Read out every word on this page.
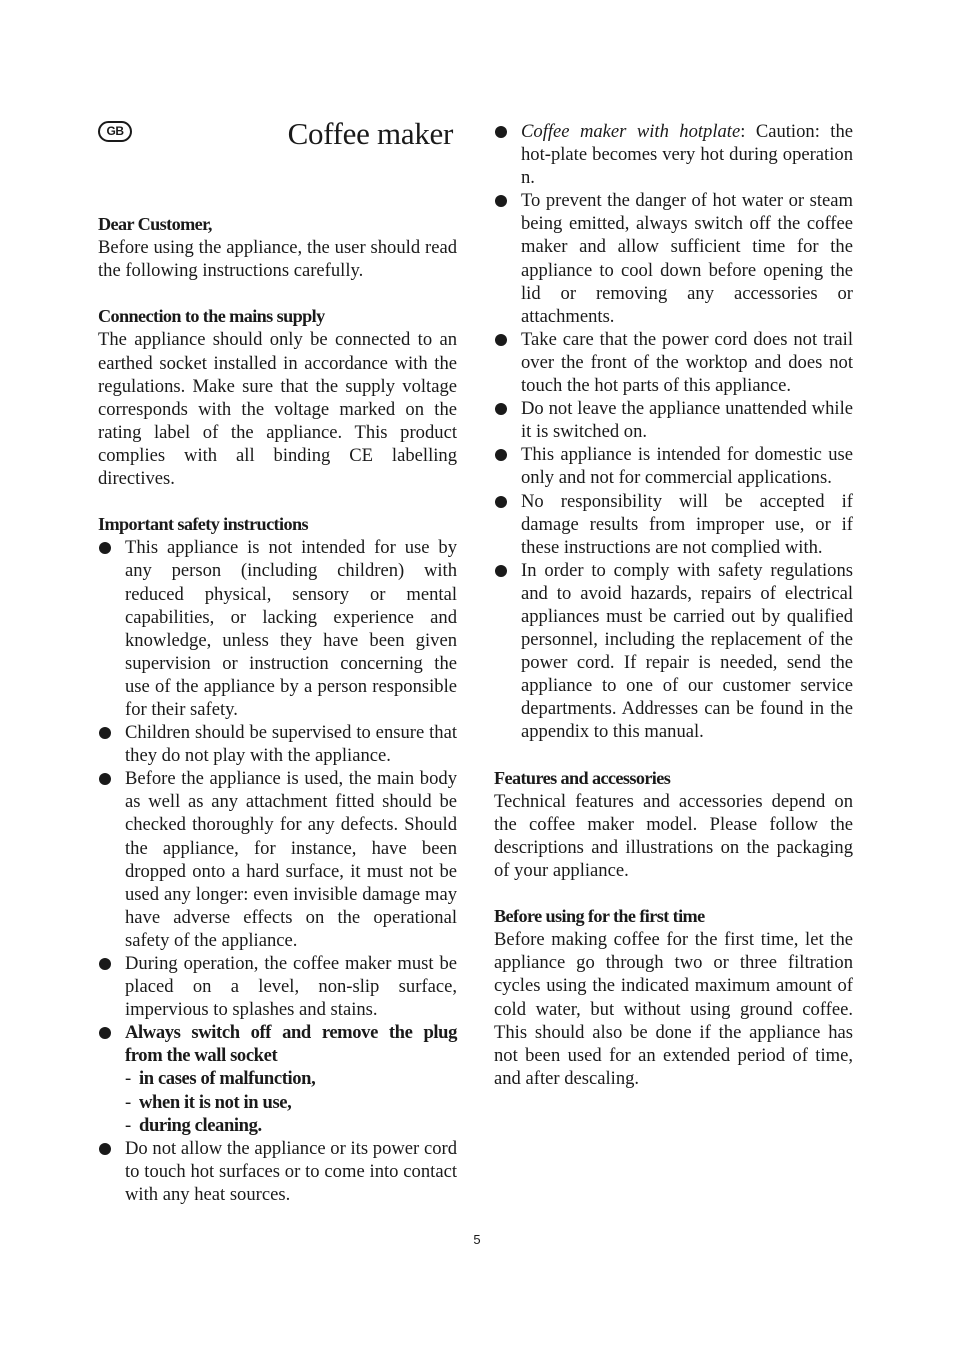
GB	Coffee maker
Dear Customer,

Before using the appliance, the user should read the following instructions carefully.

Connection to the mains supply

The appliance should only be connected to an earthed socket installed in accordance with the regulations. Make sure that the supply voltage corresponds with the voltage marked on the rating label of the appliance. This product complies with all binding CE labelling directives.

Important safety instructions
This appliance is not intended for use by any person (including children) with reduced physical, sensory or mental capabilities, or lacking experience and knowledge, unless they have been given supervision or instruction concerning the use of the appliance by a person responsible for their safety.
Children should be supervised to ensure that they do not play with the appliance.
Before the appliance is used, the main body as well as any attachment fitted should be checked thoroughly for any defects. Should the appliance, for instance, have been dropped onto a hard surface, it must not be used any longer: even invisible damage may have adverse effects on the operational safety of the appliance.
During operation, the coffee maker must be placed on a level, non-slip surface, impervious to splashes and stains.
Always switch off and remove the plug from the wall socket
- in cases of malfunction,
- when it is not in use,
- during cleaning.
Do not allow the appliance or its power cord to touch hot surfaces or to come into contact with any heat sources.
Coffee maker with hotplate: Caution: the hot-plate becomes very hot during operation n.
To prevent the danger of hot water or steam being emitted, always switch off the coffee maker and allow sufficient time for the appliance to cool down before opening the lid or removing any accessories or attachments.
Take care that the power cord does not trail over the front of the worktop and does not touch the hot parts of this appliance.
Do not leave the appliance unattended while it is switched on.
This appliance is intended for domestic use only and not for commercial applications.
No responsibility will be accepted if damage results from improper use, or if these instructions are not complied with.
In order to comply with safety regulations and to avoid hazards, repairs of electrical appliances must be carried out by qualified personnel, including the replacement of the power cord. If repair is needed, send the appliance to one of our customer service departments. Addresses can be found in the appendix to this manual.
Features and accessories

Technical features and accessories depend on the coffee maker model. Please follow the descriptions and illustrations on the packaging of your appliance.

Before using for the first time

Before making coffee for the first time, let the appliance go through two or three filtration cycles using the indicated maximum amount of cold water, but without using ground coffee. This should also be done if the appliance has not been used for an extended period of time, and after descaling.

5
